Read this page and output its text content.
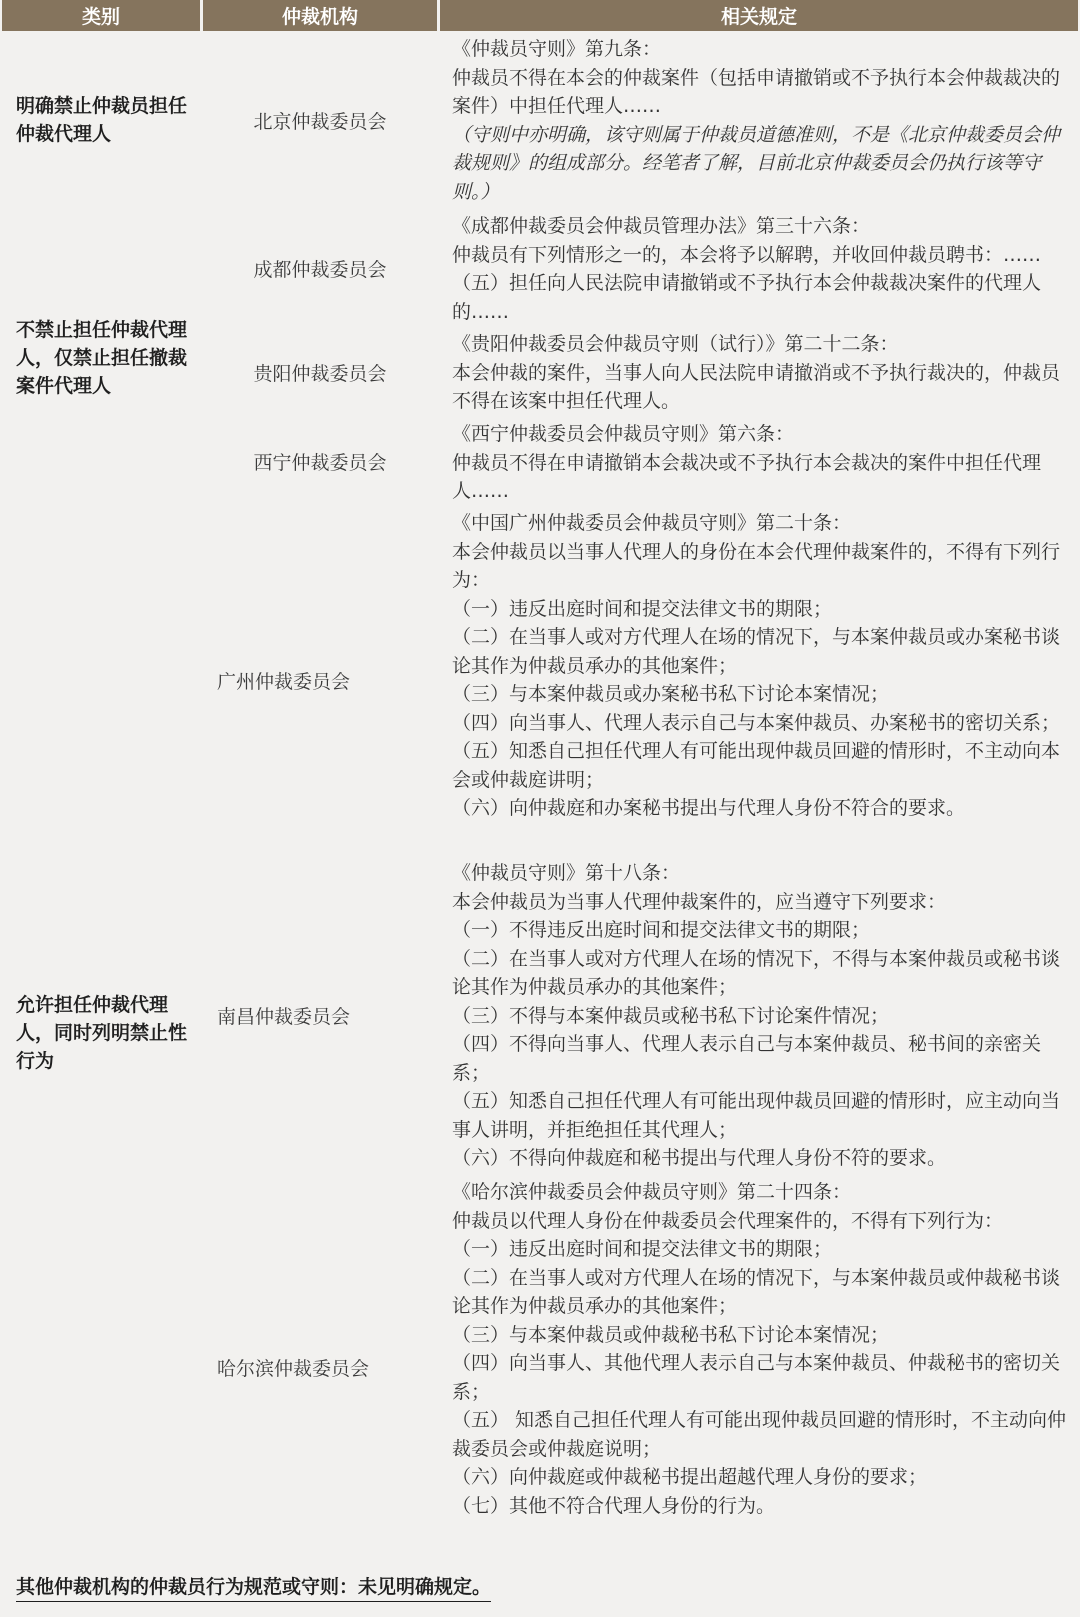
类别	仲裁机构	相关规定
明确禁止仲裁员担任仲裁代理人
不禁止担任仲裁代理人，仅禁止担任撤裁案件代理人
允许担任仲裁代理人，同时列明禁止性行为
北京仲裁委员会
成都仲裁委员会
贵阳仲裁委员会
西宁仲裁委员会
广州仲裁委员会
南昌仲裁委员会
哈尔滨仲裁委员会

《仲裁员守则》第九条：

仲裁员不得在本会的仲裁案件（包括申请撤销或不予执行本会仲裁裁决的案件）中担任代理人……

（守则中亦明确，该守则属于仲裁员道德准则，不是《北京仲裁委员会仲裁规则》的组成部分。经笔者了解，目前北京仲裁委员会仍执行该等守则。）

《成都仲裁委员会仲裁员管理办法》第三十六条：

仲裁员有下列情形之一的，本会将予以解聘，并收回仲裁员聘书：……（五）担任向人民法院申请撤销或不予执行本会仲裁裁决案件的代理人的……

《贵阳仲裁委员会仲裁员守则（试行）》第二十二条：

本会仲裁的案件，当事人向人民法院申请撤消或不予执行裁决的，仲裁员不得在该案中担任代理人。

《西宁仲裁委员会仲裁员守则》第六条：

仲裁员不得在申请撤销本会裁决或不予执行本会裁决的案件中担任代理人……

《中国广州仲裁委员会仲裁员守则》第二十条：

本会仲裁员以当事人代理人的身份在本会代理仲裁案件的，不得有下列行为：

（一）违反出庭时间和提交法律文书的期限；

（二）在当事人或对方代理人在场的情况下，与本案仲裁员或办案秘书谈论其作为仲裁员承办的其他案件；

（三）与本案仲裁员或办案秘书私下讨论本案情况；

（四）向当事人、代理人表示自己与本案仲裁员、办案秘书的密切关系；

（五）知悉自己担任代理人有可能出现仲裁员回避的情形时，不主动向本会或仲裁庭讲明；

（六）向仲裁庭和办案秘书提出与代理人身份不符合的要求。

《仲裁员守则》第十八条：

本会仲裁员为当事人代理仲裁案件的，应当遵守下列要求：

（一）不得违反出庭时间和提交法律文书的期限；

（二）在当事人或对方代理人在场的情况下，不得与本案仲裁员或秘书谈论其作为仲裁员承办的其他案件；

（三）不得与本案仲裁员或秘书私下讨论案件情况；

（四）不得向当事人、代理人表示自己与本案仲裁员、秘书间的亲密关系；

（五）知悉自己担任代理人有可能出现仲裁员回避的情形时，应主动向当事人讲明，并拒绝担任其代理人；

（六）不得向仲裁庭和秘书提出与代理人身份不符的要求。

《哈尔滨仲裁委员会仲裁员守则》第二十四条：

仲裁员以代理人身份在仲裁委员会代理案件的，不得有下列行为：

（一）违反出庭时间和提交法律文书的期限；

（二）在当事人或对方代理人在场的情况下，与本案仲裁员或仲裁秘书谈论其作为仲裁员承办的其他案件；

（三）与本案仲裁员或仲裁秘书私下讨论本案情况；

（四）向当事人、其他代理人表示自己与本案仲裁员、仲裁秘书的密切关系；

（五） 知悉自己担任代理人有可能出现仲裁员回避的情形时，不主动向仲裁委员会或仲裁庭说明；

（六）向仲裁庭或仲裁秘书提出超越代理人身份的要求；

（七）其他不符合代理人身份的行为。

其他仲裁机构的仲裁员行为规范或守则：未见明确规定。
